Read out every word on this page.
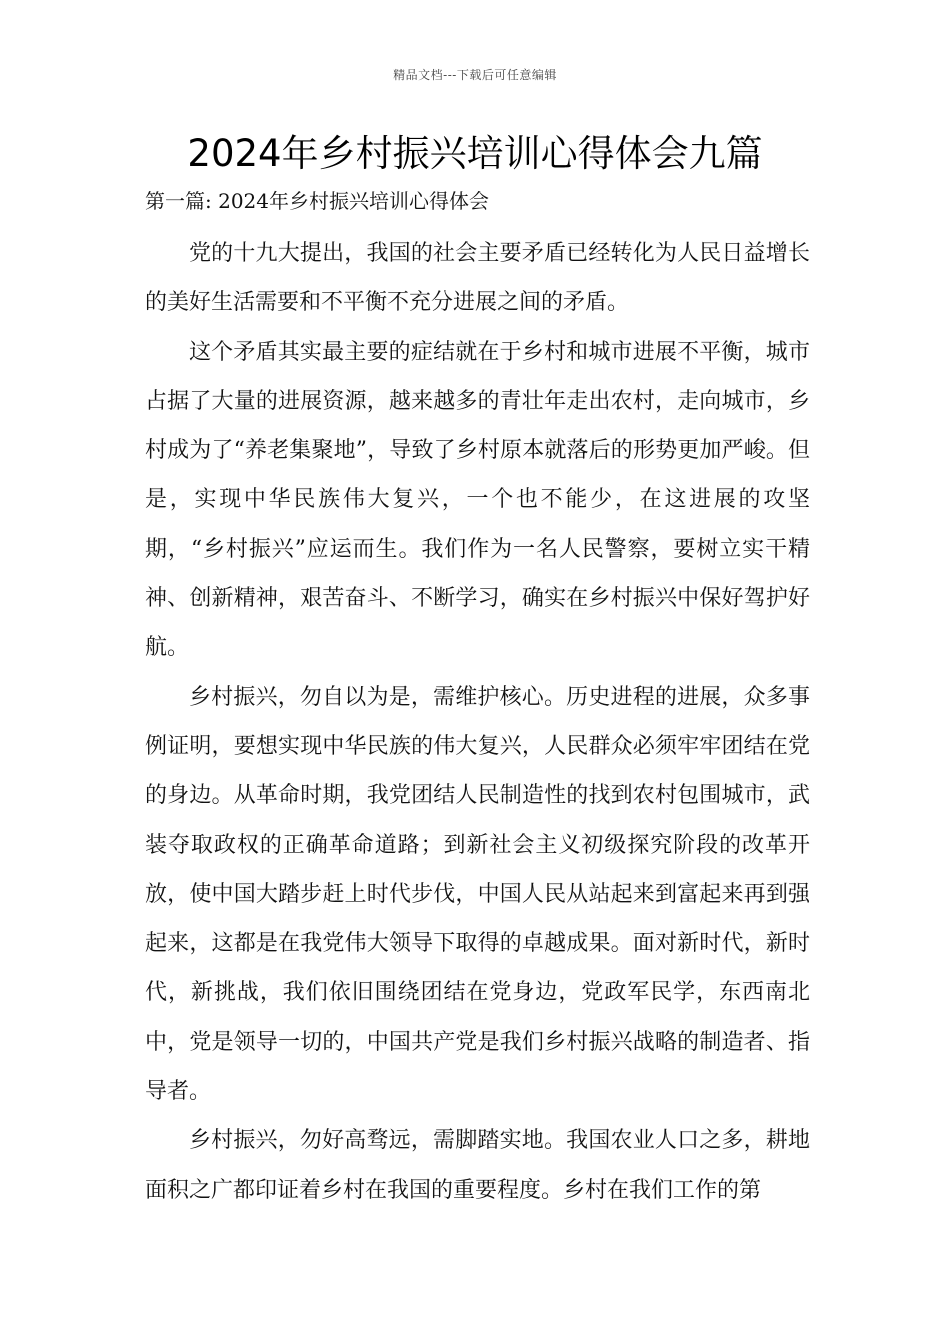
精品文档---下载后可任意编辑
2024年乡村振兴培训心得体会九篇
第一篇: 2024年乡村振兴培训心得体会

党的十九大提出，我国的社会主要矛盾已经转化为人民日益增长的美好生活需要和不平衡不充分进展之间的矛盾。

这个矛盾其实最主要的症结就在于乡村和城市进展不平衡，城市占据了大量的进展资源，越来越多的青壮年走出农村，走向城市，乡村成为了“养老集聚地”，导致了乡村原本就落后的形势更加严峻。但是，实现中华民族伟大复兴，一个也不能少，在这进展的攻坚期，“乡村振兴”应运而生。我们作为一名人民警察，要树立实干精神、创新精神，艰苦奋斗、不断学习，确实在乡村振兴中保好驾护好航。

乡村振兴，勿自以为是，需维护核心。历史进程的进展，众多事例证明，要想实现中华民族的伟大复兴，人民群众必须牢牢团结在党的身边。从革命时期，我党团结人民制造性的找到农村包围城市，武装夺取政权的正确革命道路；到新社会主义初级探究阶段的改革开放，使中国大踏步赶上时代步伐，中国人民从站起来到富起来再到强起来，这都是在我党伟大领导下取得的卓越成果。面对新时代，新时代，新挑战，我们依旧围绕团结在党身边，党政军民学，东西南北中，党是领导一切的，中国共产党是我们乡村振兴战略的制造者、指导者。

乡村振兴，勿好高骛远，需脚踏实地。我国农业人口之多，耕地面积之广都印证着乡村在我国的重要程度。乡村在我们工作的第
